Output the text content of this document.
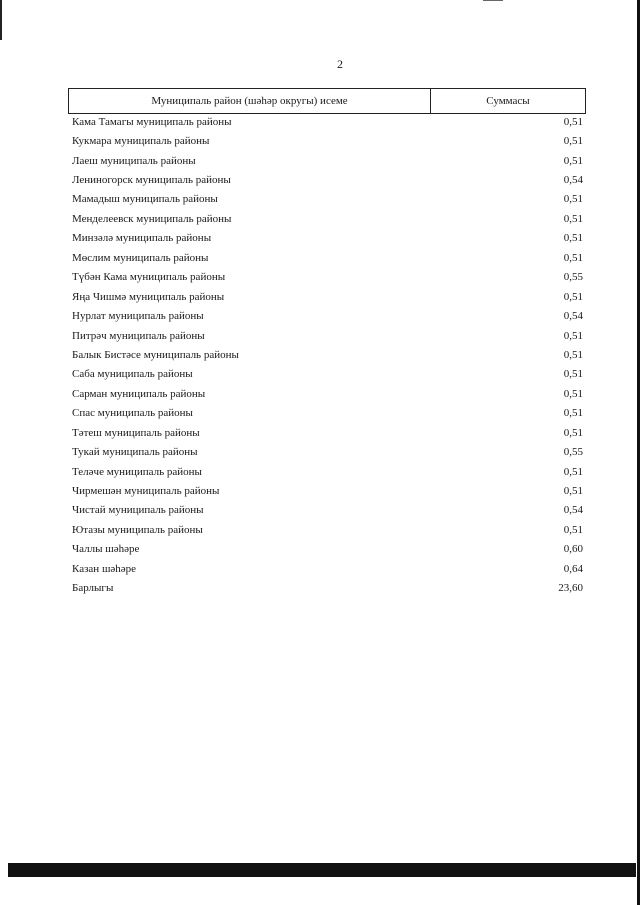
2
Муниципаль район (шәһәр округы) исеме	Суммасы
Кама Тамагы муниципаль районы	0,51
Кукмара муниципаль районы	0,51
Лаеш муниципаль районы	0,51
Лениногорск муниципаль районы	0,54
Мамадыш муниципаль районы	0,51
Менделеевск муниципаль районы	0,51
Минзәлә муниципаль районы	0,51
Мөслим муниципаль районы	0,51
Түбән Кама муниципаль районы	0,55
Яңа Чишмә муниципаль районы	0,51
Нурлат муниципаль районы	0,54
Питрәч муниципаль районы	0,51
Балык Бистәсе муниципаль районы	0,51
Саба муниципаль районы	0,51
Сарман муниципаль районы	0,51
Спас муниципаль районы	0,51
Тәтеш муниципаль районы	0,51
Тукай муниципаль районы	0,55
Теләче муниципаль районы	0,51
Чирмешән муниципаль районы	0,51
Чистай муниципаль районы	0,54
Ютазы муниципаль районы	0,51
Чаллы шәһәре	0,60
Казан шәһәре	0,64
Барлыгы	23,60
